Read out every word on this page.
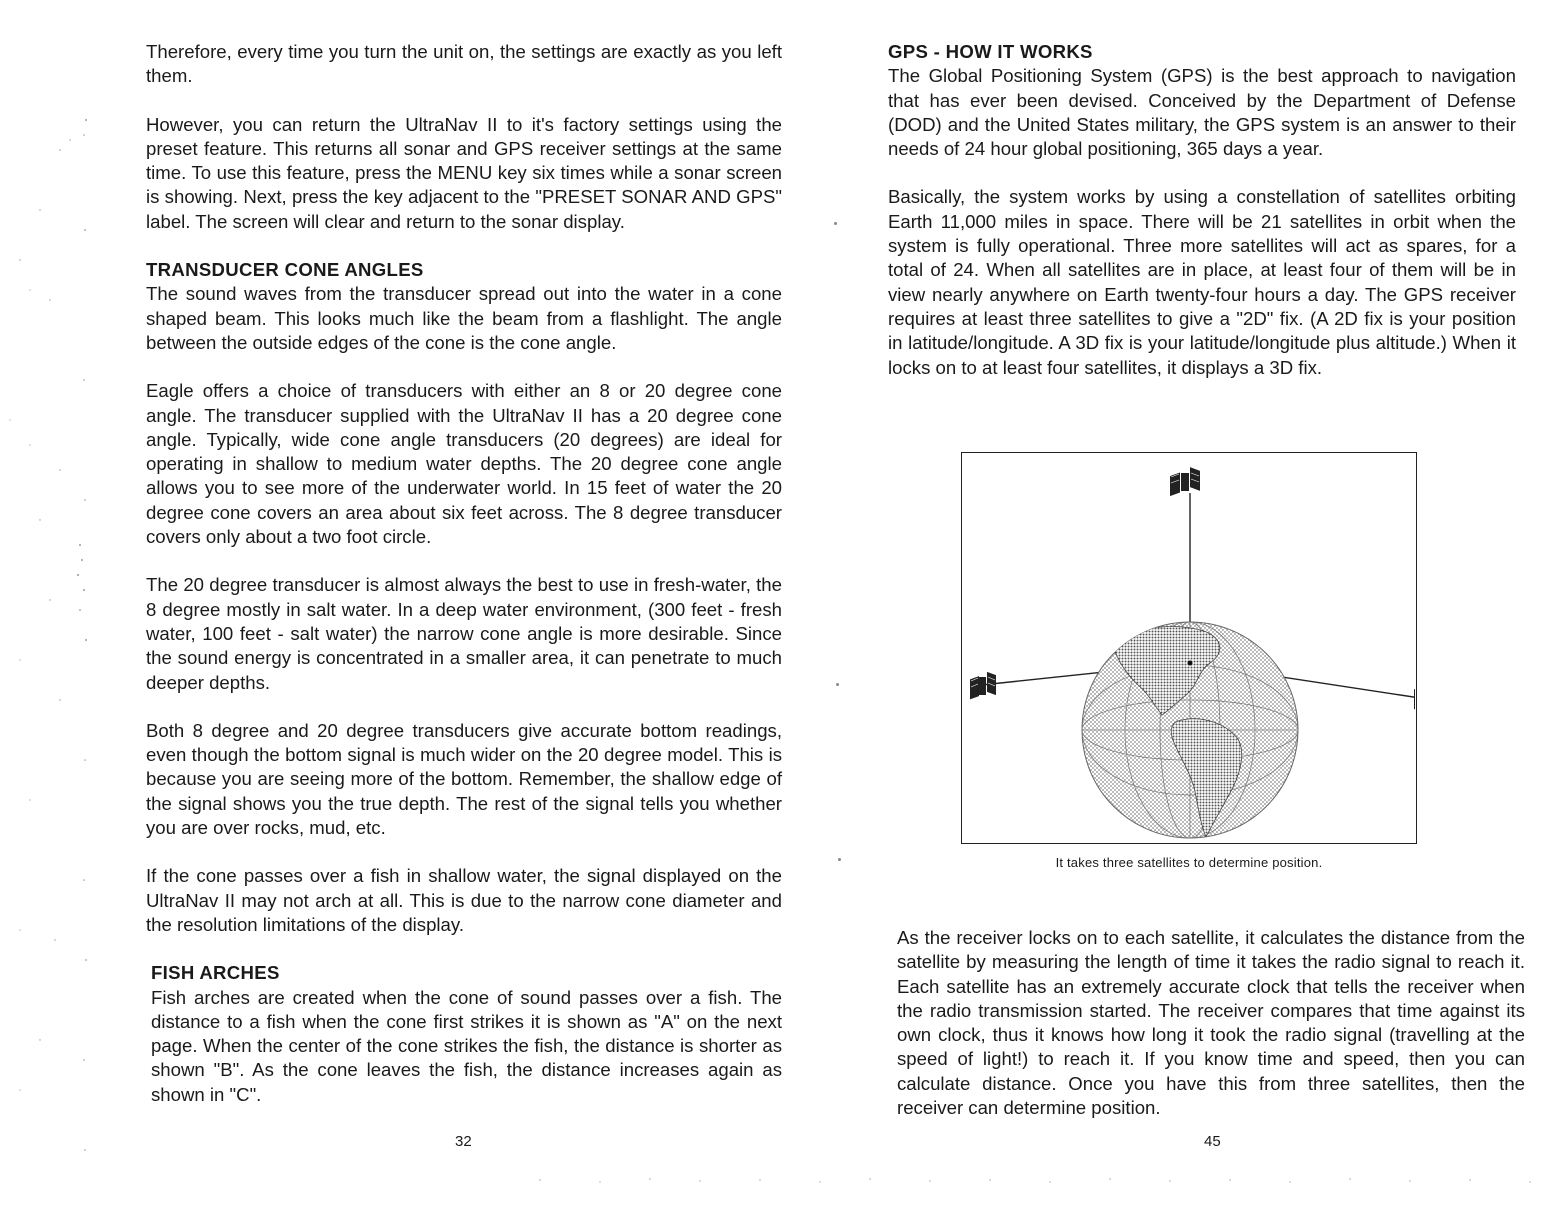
Therefore, every time you turn the unit on, the settings are exactly as you left them.

However, you can return the UltraNav II to it's factory settings using the preset feature. This returns all sonar and GPS receiver settings at the same time. To use this feature, press the MENU key six times while a sonar screen is showing. Next, press the key adjacent to the "PRESET SONAR AND GPS" label. The screen will clear and return to the sonar display.

TRANSDUCER CONE ANGLES

The sound waves from the transducer spread out into the water in a cone shaped beam. This looks much like the beam from a flashlight. The angle between the outside edges of the cone is the cone angle.

Eagle offers a choice of transducers with either an 8 or 20 degree cone angle. The transducer supplied with the UltraNav II has a 20 degree cone angle. Typically, wide cone angle transducers (20 degrees) are ideal for operating in shallow to medium water depths. The 20 degree cone angle allows you to see more of the underwater world. In 15 feet of water the 20 degree cone covers an area about six feet across. The 8 degree transducer covers only about a two foot circle.

The 20 degree transducer is almost always the best to use in fresh-water, the 8 degree mostly in salt water. In a deep water environment, (300 feet - fresh water, 100 feet - salt water) the narrow cone angle is more desirable. Since the sound energy is concentrated in a smaller area, it can penetrate to much deeper depths.

Both 8 degree and 20 degree transducers give accurate bottom readings, even though the bottom signal is much wider on the 20 degree model. This is because you are seeing more of the bottom. Remember, the shallow edge of the signal shows you the true depth. The rest of the signal tells you whether you are over rocks, mud, etc.

If the cone passes over a fish in shallow water, the signal displayed on the UltraNav II may not arch at all. This is due to the narrow cone diameter and the resolution limitations of the display.

FISH ARCHES

Fish arches are created when the cone of sound passes over a fish. The distance to a fish when the cone first strikes it is shown as "A" on the next page. When the center of the cone strikes the fish, the distance is shorter as shown "B". As the cone leaves the fish, the distance increases again as shown in "C".

32
GPS - HOW IT WORKS

The Global Positioning System (GPS) is the best approach to navigation that has ever been devised. Conceived by the Department of Defense (DOD) and the United States military, the GPS system is an answer to their needs of 24 hour global positioning, 365 days a year.

Basically, the system works by using a constellation of satellites orbiting Earth 11,000 miles in space. There will be 21 satellites in orbit when the system is fully operational. Three more satellites will act as spares, for a total of 24. When all satellites are in place, at least four of them will be in view nearly anywhere on Earth twenty-four hours a day. The GPS receiver requires at least three satellites to give a "2D" fix. (A 2D fix is your position in latitude/longitude. A 3D fix is your latitude/longitude plus altitude.) When it locks on to at least four satellites, it displays a 3D fix.

It takes three satellites to determine position.

As the receiver locks on to each satellite, it calculates the distance from the satellite by measuring the length of time it takes the radio signal to reach it. Each satellite has an extremely accurate clock that tells the receiver when the radio transmission started. The receiver compares that time against its own clock, thus it knows how long it took the radio signal (travelling at the speed of light!) to reach it. If you know time and speed, then you can calculate distance. Once you have this from three satellites, then the receiver can determine position.

45
